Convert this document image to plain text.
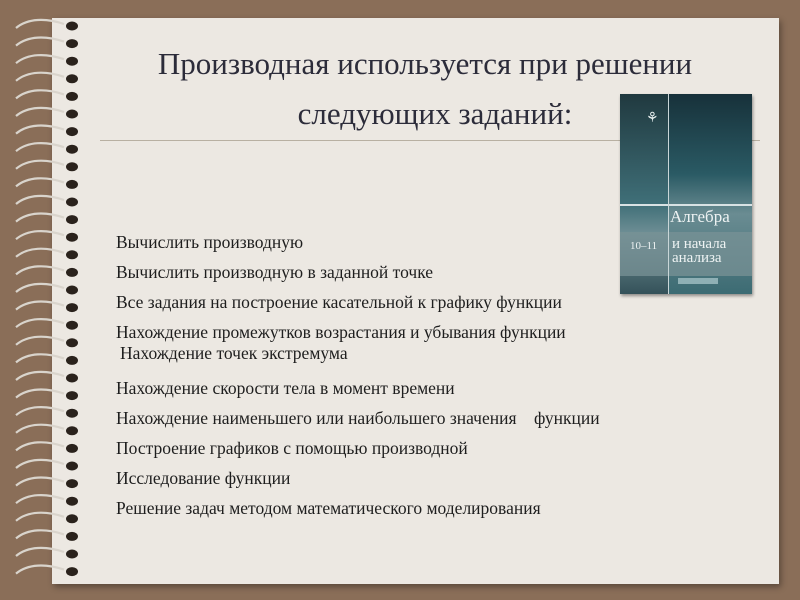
Производная используется при решении
следующих заданий:	⚘
Алгебра
и начала
анализа
10–11
Вычислить производную
Вычислить производную в заданной точке
Все задания на построение касательной к графику функции
Нахождение промежутков возрастания и убывания функции
Нахождение точек экстремума
Нахождение скорости тела в момент времени
Нахождение наименьшего или наибольшего значения    функции
Построение графиков с помощью производной
Исследование функции
Решение задач методом математического моделирования
